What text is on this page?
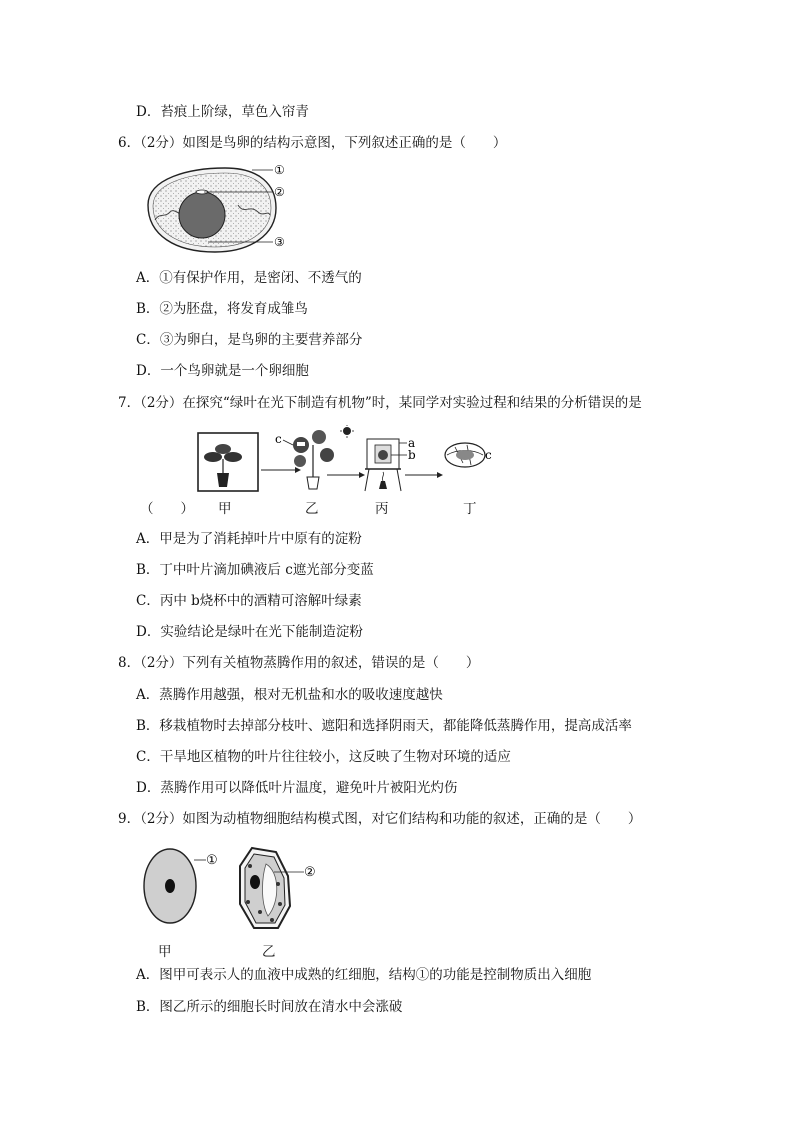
D．苔痕上阶绿，草色入帘青
6．（2分）如图是鸟卵的结构示意图，下列叙述正确的是（　　）
①
②
③
A．①有保护作用，是密闭、不透气的
B．②为胚盘，将发育成雏鸟
C．③为卵白，是鸟卵的主要营养部分
D．一个鸟卵就是一个卵细胞
7．（2分）在探究“绿叶在光下制造有机物”时，某同学对实验过程和结果的分析错误的是
c	a
b	c
（　　） 甲	乙	丙	丁
A．甲是为了消耗掉叶片中原有的淀粉
B．丁中叶片滴加碘液后 c遮光部分变蓝
C．丙中 b烧杯中的酒精可溶解叶绿素
D．实验结论是绿叶在光下能制造淀粉
8．（2分）下列有关植物蒸腾作用的叙述，错误的是（　　）
A．蒸腾作用越强，根对无机盐和水的吸收速度越快
B．移栽植物时去掉部分枝叶、遮阳和选择阴雨天，都能降低蒸腾作用，提高成活率
C．干旱地区植物的叶片往往较小，这反映了生物对环境的适应
D．蒸腾作用可以降低叶片温度，避免叶片被阳光灼伤
9．（2分）如图为动植物细胞结构模式图，对它们结构和功能的叙述，正确的是（　　）
①
②
甲	乙
A．图甲可表示人的血液中成熟的红细胞，结构①的功能是控制物质出入细胞
B．图乙所示的细胞长时间放在清水中会涨破
